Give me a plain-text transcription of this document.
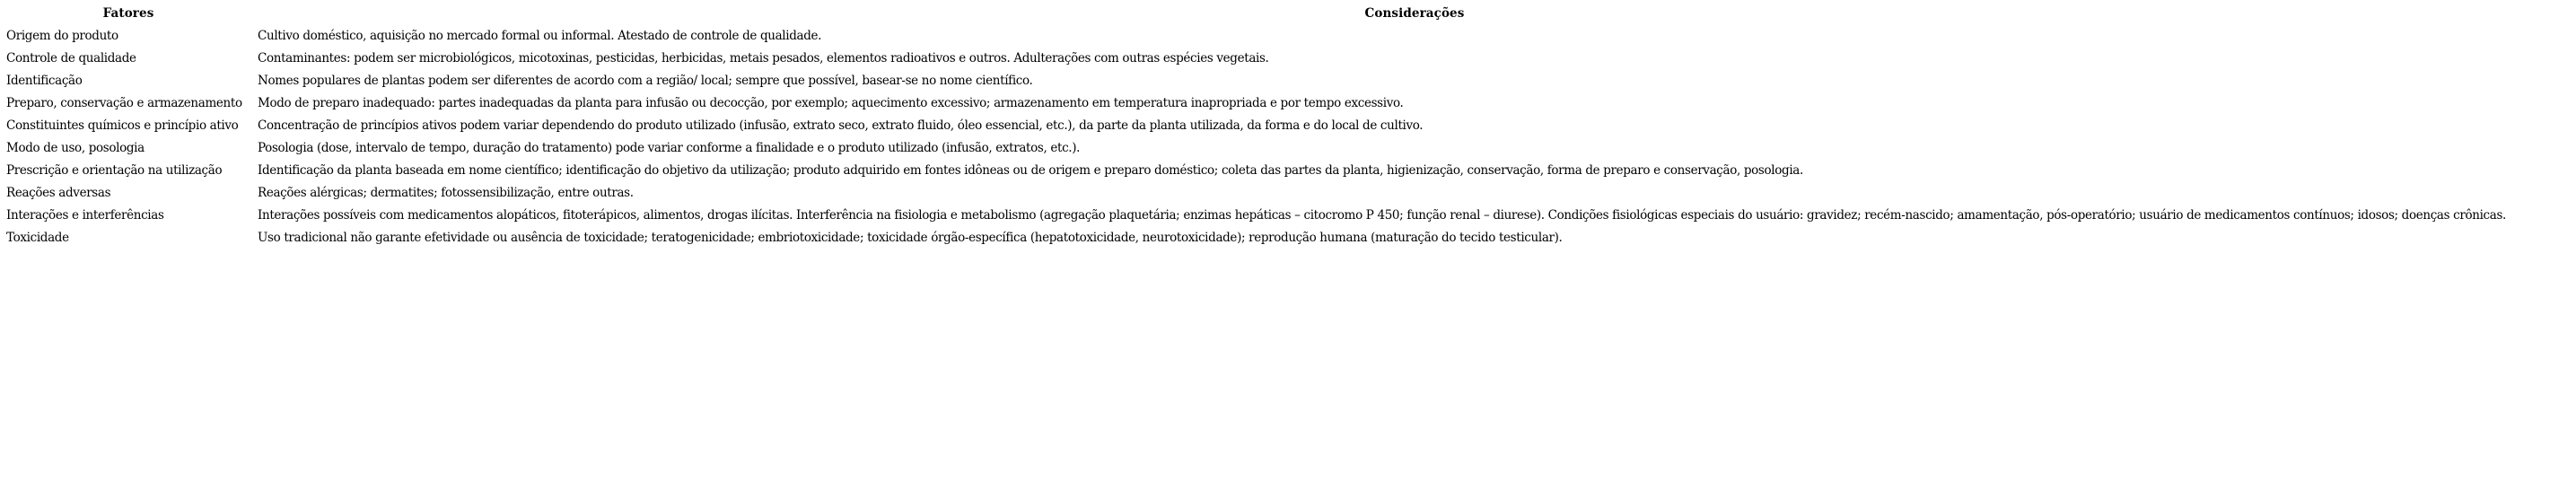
Fatores	Considerações
Origem do produto	Cultivo doméstico, aquisição no mercado formal ou informal. Atestado de controle de qualidade.
Controle de qualidade	Contaminantes: podem ser microbiológicos, micotoxinas, pesticidas, herbicidas, metais pesados, elementos radioativos e outros. Adulterações com outras espécies vegetais.
Identificação	Nomes populares de plantas podem ser diferentes de acordo com a região/ local; sempre que possível, basear-se no nome científico.
Preparo, conservação e armazenamento	Modo de preparo inadequado: partes inadequadas da planta para infusão ou decocção, por exemplo; aquecimento excessivo; armazenamento em temperatura inapropriada e por tempo excessivo.
Constituintes químicos e princípio ativo	Concentração de princípios ativos podem variar dependendo do produto utilizado (infusão, extrato seco, extrato fluido, óleo essencial, etc.), da parte da planta utilizada, da forma e do local de cultivo.
Modo de uso, posologia	Posologia (dose, intervalo de tempo, duração do tratamento) pode variar conforme a finalidade e o produto utilizado (infusão, extratos, etc.).
Prescrição e orientação na utilização	Identificação da planta baseada em nome científico; identificação do objetivo da utilização; produto adquirido em fontes idôneas ou de origem e preparo doméstico; coleta das partes da planta, higienização, conservação, forma de preparo e conservação, posologia.
Reações adversas	Reações alérgicas; dermatites; fotossensibilização, entre outras.
Interações e interferências	Interações possíveis com medicamentos alopáticos, fitoterápicos, alimentos, drogas ilícitas. Interferência na fisiologia e metabolismo (agregação plaquetária; enzimas hepáticas – citocromo P 450; função renal – diurese). Condições fisiológicas especiais do usuário: gravidez; recém-nascido; amamentação, pós-operatório; usuário de medicamentos contínuos; idosos; doenças crônicas.
Toxicidade	Uso tradicional não garante efetividade ou ausência de toxicidade; teratogenicidade; embriotoxicidade; toxicidade órgão-específica (hepatotoxicidade, neurotoxicidade); reprodução humana (maturação do tecido testicular).
